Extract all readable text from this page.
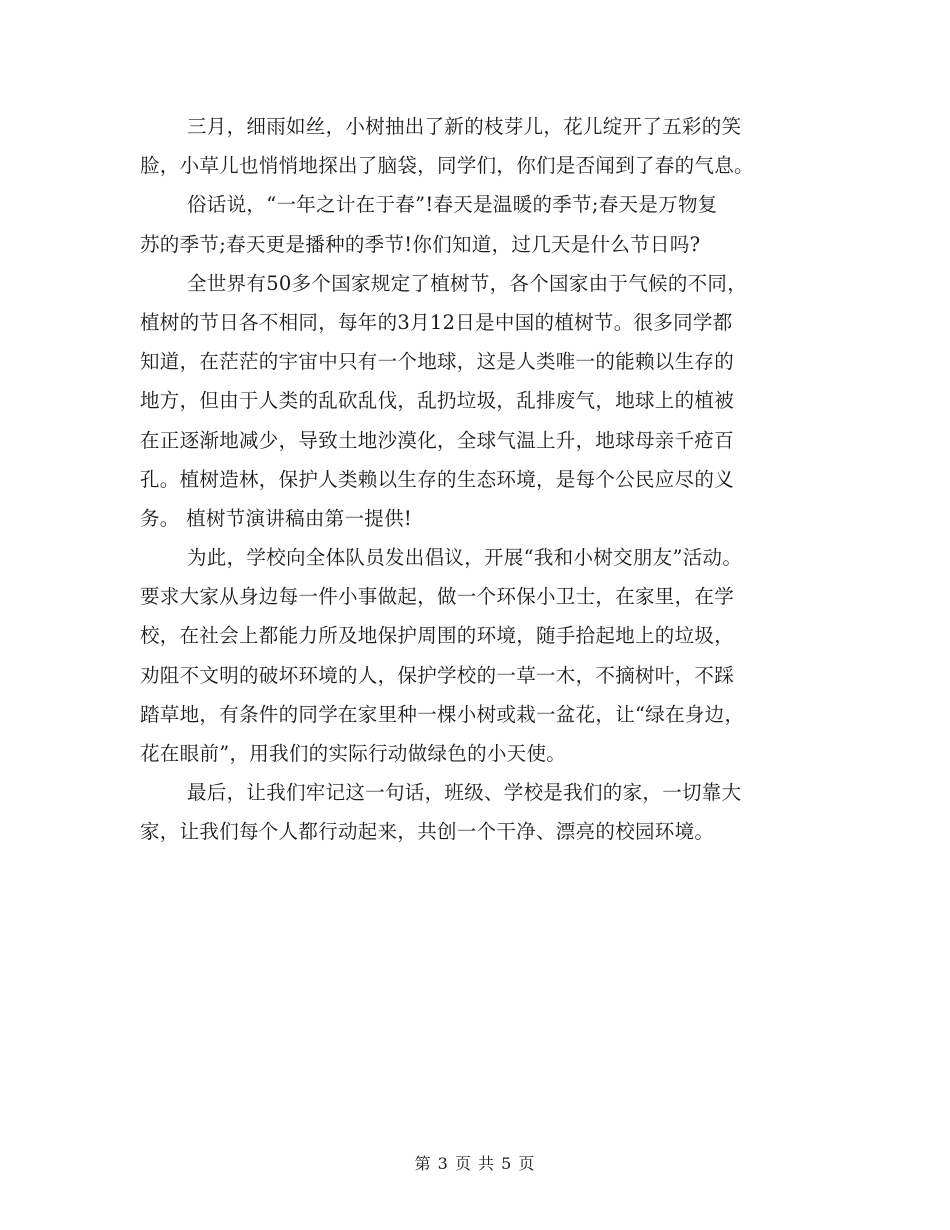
三月，细雨如丝，小树抽出了新的枝芽儿，花儿绽开了五彩的笑
脸，小草儿也悄悄地探出了脑袋，同学们，你们是否闻到了春的气息。
俗话说，“一年之计在于春”!春天是温暖的季节;春天是万物复
苏的季节;春天更是播种的季节!你们知道，过几天是什么节日吗?
全世界有50多个国家规定了植树节，各个国家由于气候的不同，
植树的节日各不相同，每年的3月12日是中国的植树节。很多同学都
知道，在茫茫的宇宙中只有一个地球，这是人类唯一的能赖以生存的
地方，但由于人类的乱砍乱伐，乱扔垃圾，乱排废气，地球上的植被
在正逐渐地减少，导致土地沙漠化，全球气温上升，地球母亲千疮百
孔。植树造林，保护人类赖以生存的生态环境，是每个公民应尽的义
务。 植树节演讲稿由第一提供!
为此，学校向全体队员发出倡议，开展“我和小树交朋友”活动。
要求大家从身边每一件小事做起，做一个环保小卫士，在家里，在学
校，在社会上都能力所及地保护周围的环境，随手拾起地上的垃圾，
劝阻不文明的破坏环境的人，保护学校的一草一木，不摘树叶，不踩
踏草地，有条件的同学在家里种一棵小树或栽一盆花，让“绿在身边，
花在眼前”，用我们的实际行动做绿色的小天使。
最后，让我们牢记这一句话，班级、学校是我们的家，一切靠大
家，让我们每个人都行动起来，共创一个干净、漂亮的校园环境。
第 3 页 共 5 页
